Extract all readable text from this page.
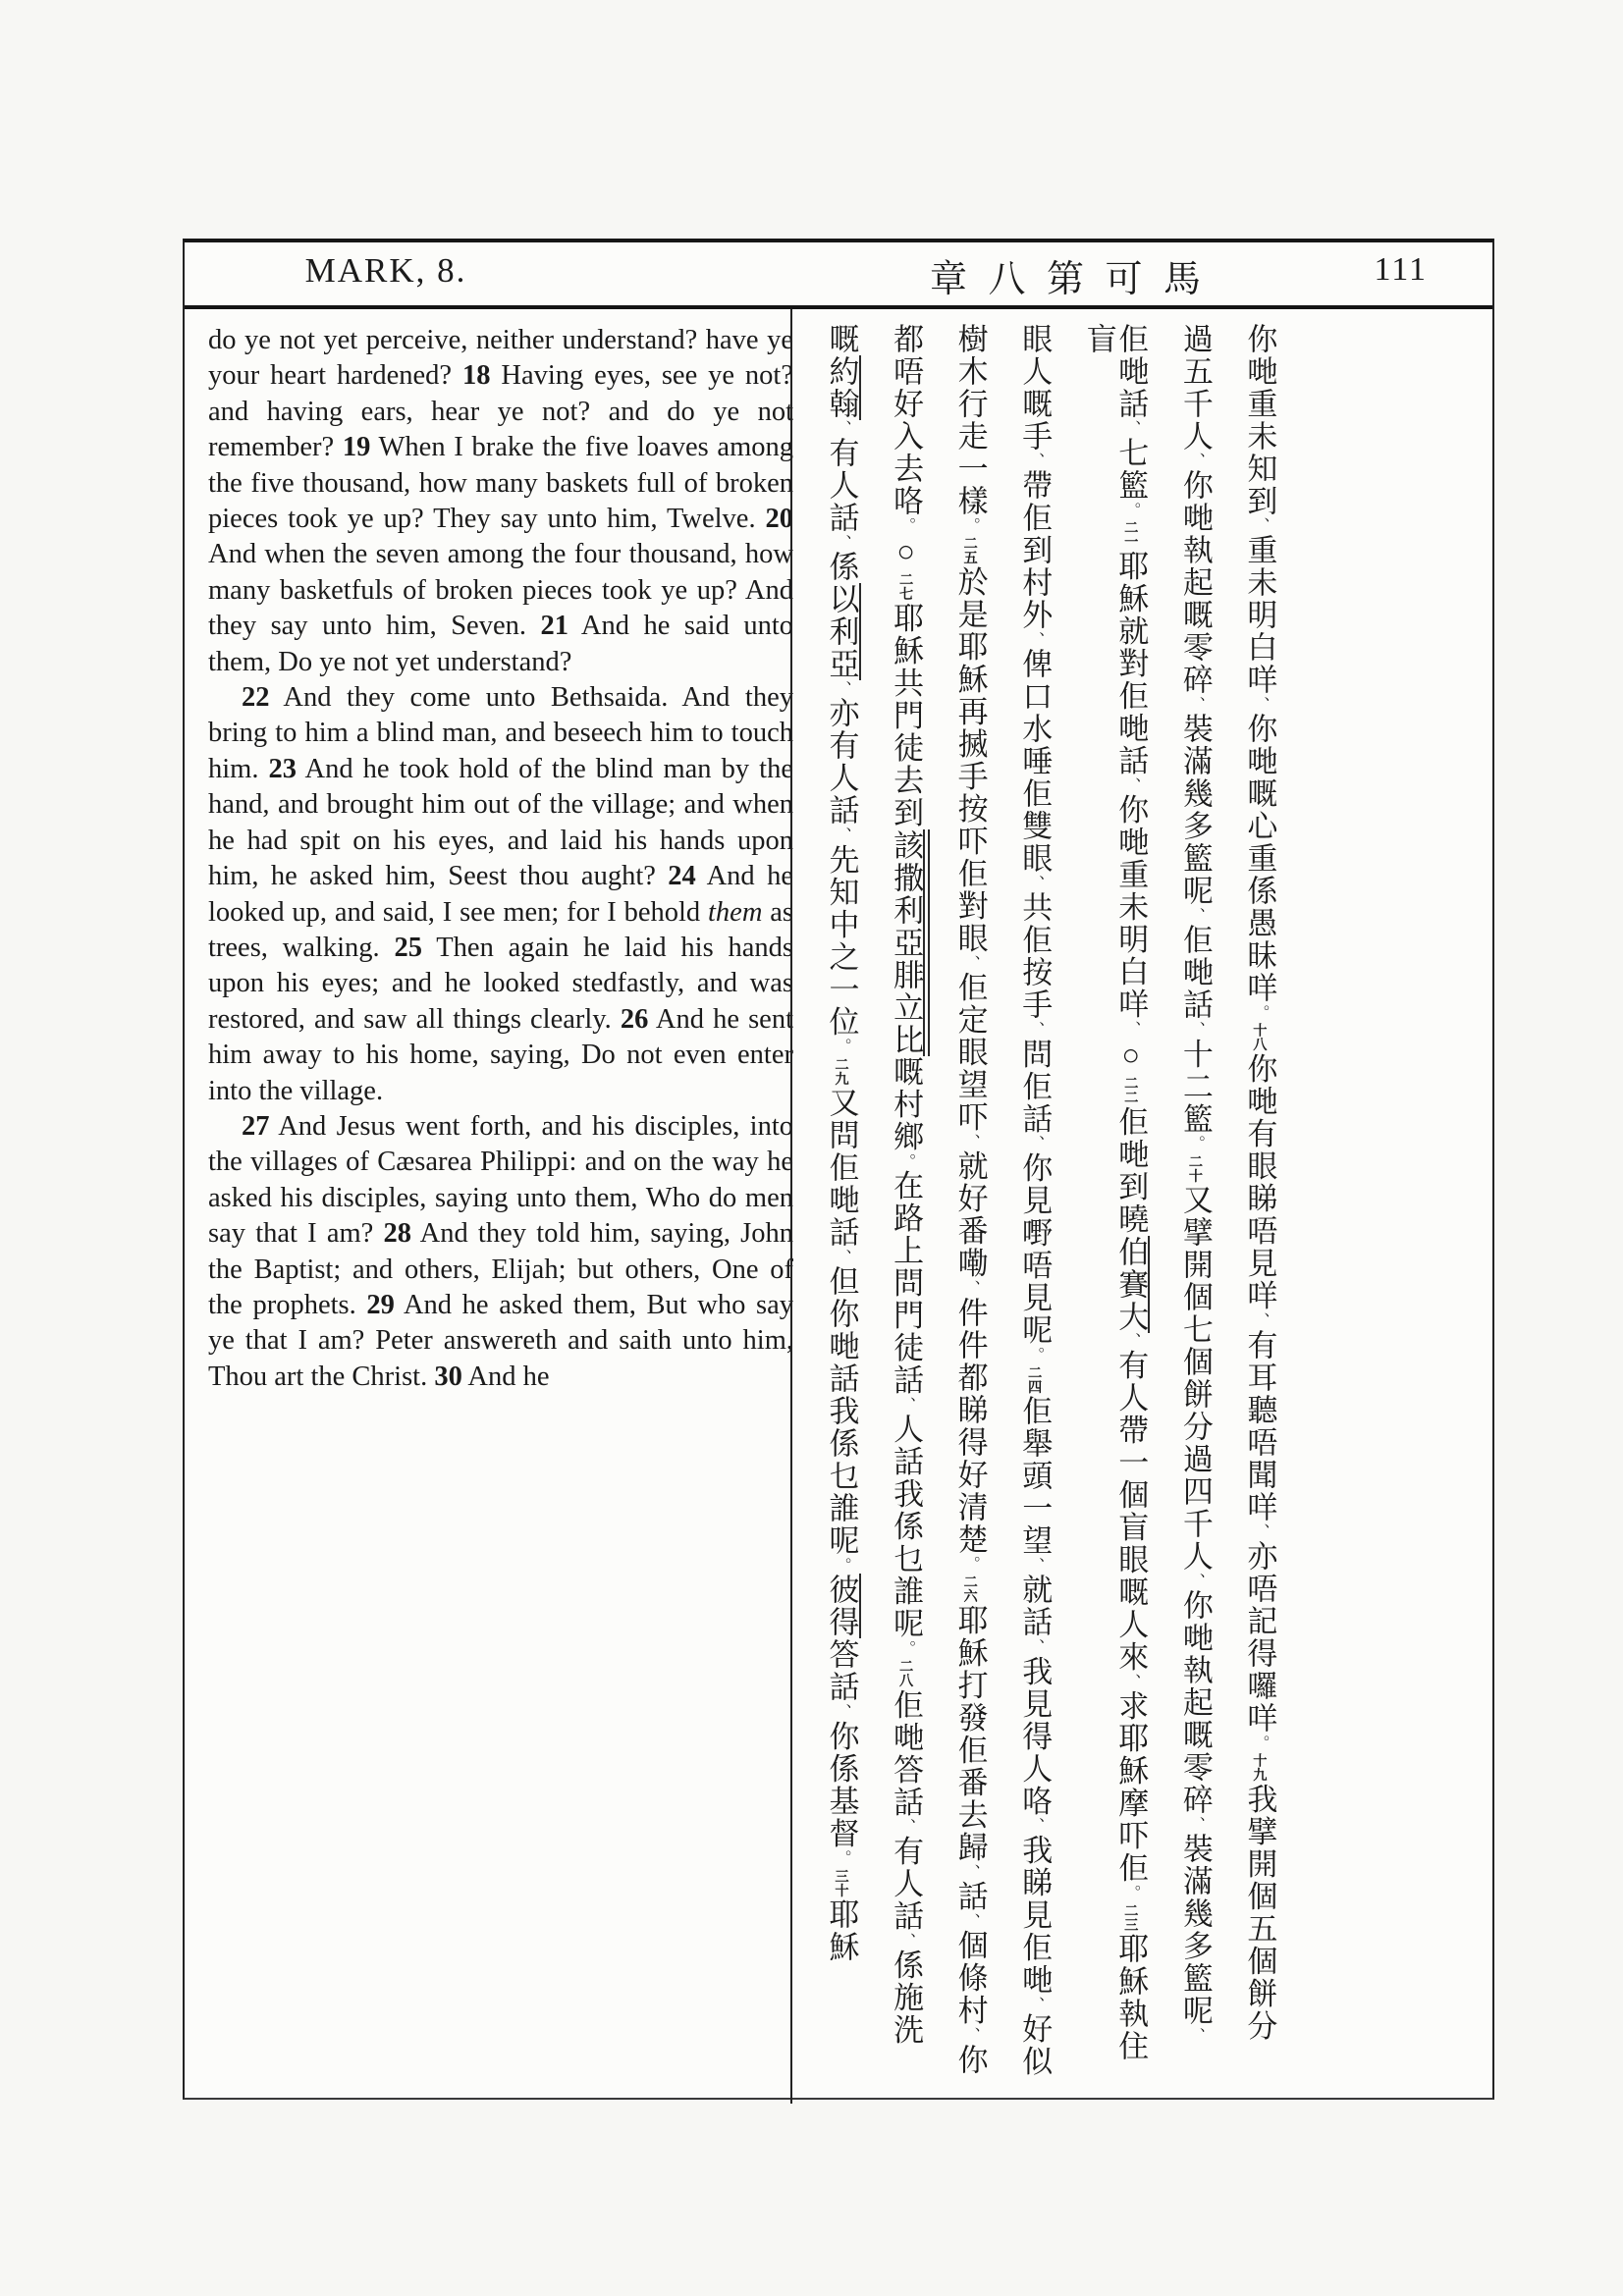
MARK, 8.	章 八 第 可 馬	111

do ye not yet perceive, neither understand? have ye your heart hardened? 18 Having eyes, see ye not? and having ears, hear ye not? and do ye not remember? 19 When I brake the five loaves among the five thousand, how many baskets full of broken pieces took ye up? They say unto him, Twelve. 20 And when the seven among the four thousand, how many basketfuls of broken pieces took ye up? And they say unto him, Seven. 21 And he said unto them, Do ye not yet understand?

22 And they come unto Bethsaida. And they bring to him a blind man, and beseech him to touch him. 23 And he took hold of the blind man by the hand, and brought him out of the village; and when he had spit on his eyes, and laid his hands upon him, he asked him, Seest thou aught? 24 And he looked up, and said, I see men; for I behold them as trees, walking. 25 Then again he laid his hands upon his eyes; and he looked stedfastly, and was restored, and saw all things clearly. 26 And he sent him away to his home, saying, Do not even enter into the village.

27 And Jesus went forth, and his disciples, into the villages of Cæsarea Philippi: and on the way he asked his disciples, saying unto them, Who do men say that I am? 28 And they told him, saying, John the Baptist; and others, Elijah; but others, One of the prophets. 29 And he asked them, But who say ye that I am? Peter answereth and saith unto him, Thou art the Christ. 30 And he

你哋重未知到、重未明白咩、你哋嘅心重係愚昧咩。十八你哋有眼睇唔見咩、有耳聽唔聞咩、亦唔記得囉咩。十九我擘開個五個餅分
過五千人、你哋執起嘅零碎、裝滿幾多籃呢、佢哋話、十二籃。二十又擘開個七個餅分過四千人、你哋執起嘅零碎、裝滿幾多籃呢、
佢哋話、七籃。二一耶穌就對佢哋話、你哋重未明白咩、○二二佢哋到曉伯賽大、有人帶一個盲眼嘅人來、求耶穌摩吓佢。二三耶穌執住盲
眼人嘅手、帶佢到村外、俾口水唾佢雙眼、共佢按手、問佢話、你見嘢唔見呢。二四佢舉頭一望、就話、我見得人咯、我睇見佢哋、好似
樹木行走一樣。二五於是耶穌再搣手按吓佢對眼、佢定眼望吓、就好番嘞、件件都睇得好清楚。二六耶穌打發佢番去歸、話、個條村、你
都唔好入去咯。○二七耶穌共門徒去到該撒利亞腓立比嘅村鄉。在路上問門徒話、人話我係乜誰呢。二八佢哋答話、有人話、係施洗
嘅約翰、有人話、係以利亞、亦有人話、先知中之一位。二九又問佢哋話、但你哋話我係乜誰呢。彼得答話、你係基督。三十耶穌
